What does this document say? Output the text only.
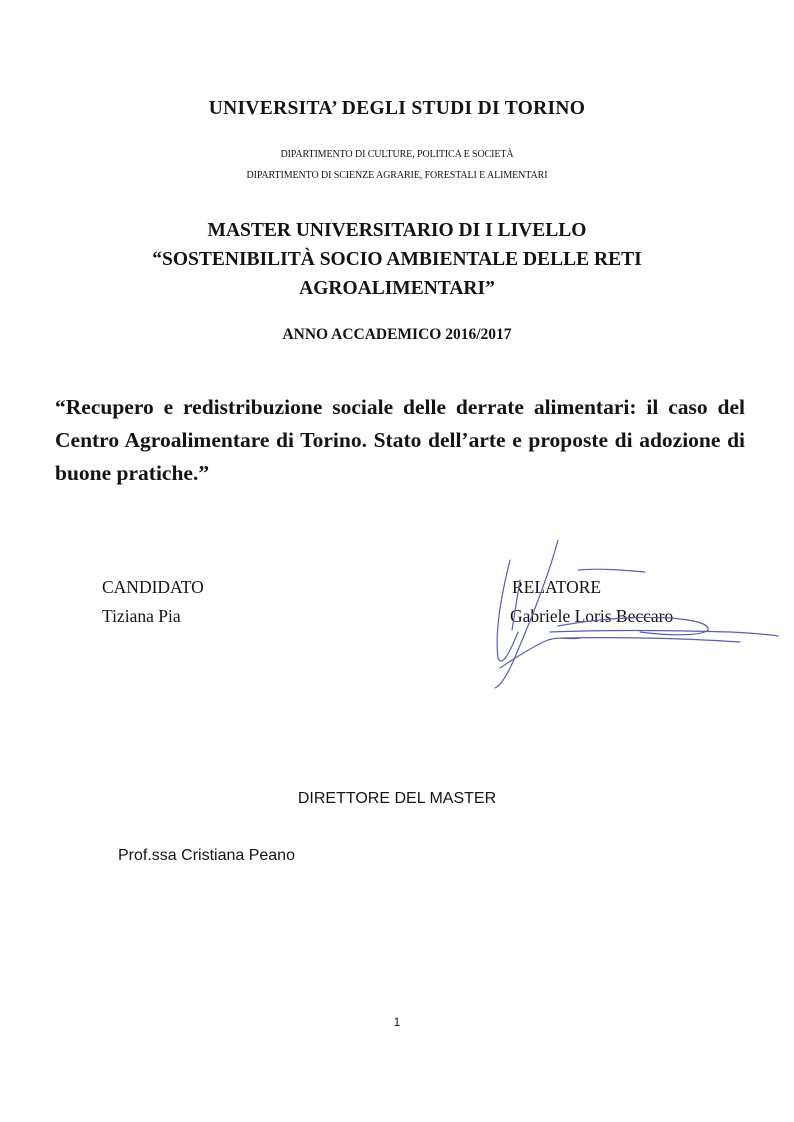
UNIVERSITA’ DEGLI STUDI DI TORINO
DIPARTIMENTO DI CULTURE, POLITICA E SOCIETÀ
DIPARTIMENTO DI SCIENZE AGRARIE, FORESTALI E ALIMENTARI
MASTER UNIVERSITARIO DI I LIVELLO
“SOSTENIBILITÀ SOCIO AMBIENTALE DELLE RETI
AGROALIMENTARI”
ANNO ACCADEMICO 2016/2017
“Recupero e redistribuzione sociale delle derrate alimentari: il caso del Centro Agroalimentare di Torino. Stato dell’arte e proposte di adozione di buone pratiche.”
CANDIDATO
Tiziana Pia
RELATORE
Gabriele Loris Beccaro
DIRETTORE DEL MASTER
Prof.ssa Cristiana Peano
1
